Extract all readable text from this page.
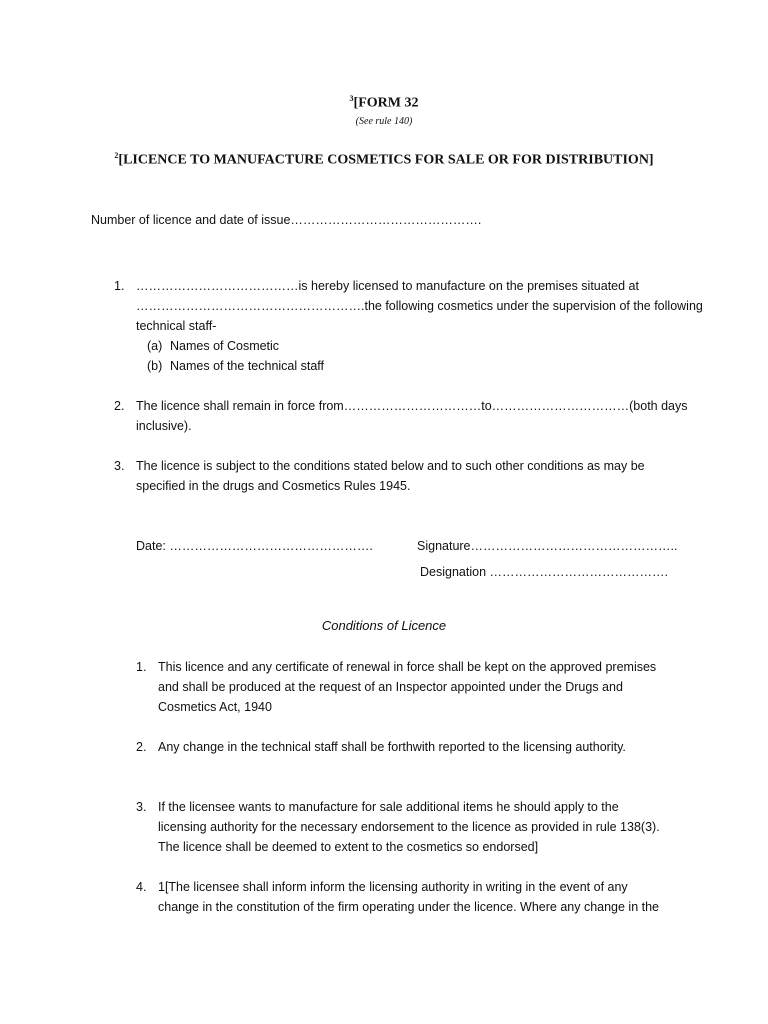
$^3$[FORM 32
(See rule 140)
$^2$[LICENCE TO MANUFACTURE COSMETICS FOR SALE OR FOR DISTRIBUTION]
Number of licence and date of issue……………………………………….
1. …………………………………is hereby licensed to manufacture on the premises situated at
……………………………………………….the following cosmetics under the supervision of the following
technical staff-
(a) Names of Cosmetic
(b) Names of the technical staff
2. The licence shall remain in force from……………………………to……………………………(both days
inclusive).
3. The licence is subject to the conditions stated below and to such other conditions as may be
specified in the drugs and Cosmetics Rules 1945.
Date: ………………………………………….	Signature…………………………………………..
Designation …………………………………….
Conditions of Licence
1. This licence and any certificate of renewal in force shall be kept on the approved premises
and shall be produced at the request of an Inspector appointed under the Drugs and
Cosmetics Act, 1940
2. Any change in the technical staff shall be forthwith reported to the licensing authority.
3. If the licensee wants to manufacture for sale additional items he should apply to the
licensing authority for the necessary endorsement to the licence as provided in rule 138(3).
The licence shall be deemed to extent to the cosmetics so endorsed]
4. 1[The licensee shall inform inform the licensing authority in writing in the event of any
change in the constitution of the firm operating under the licence. Where any change in the
